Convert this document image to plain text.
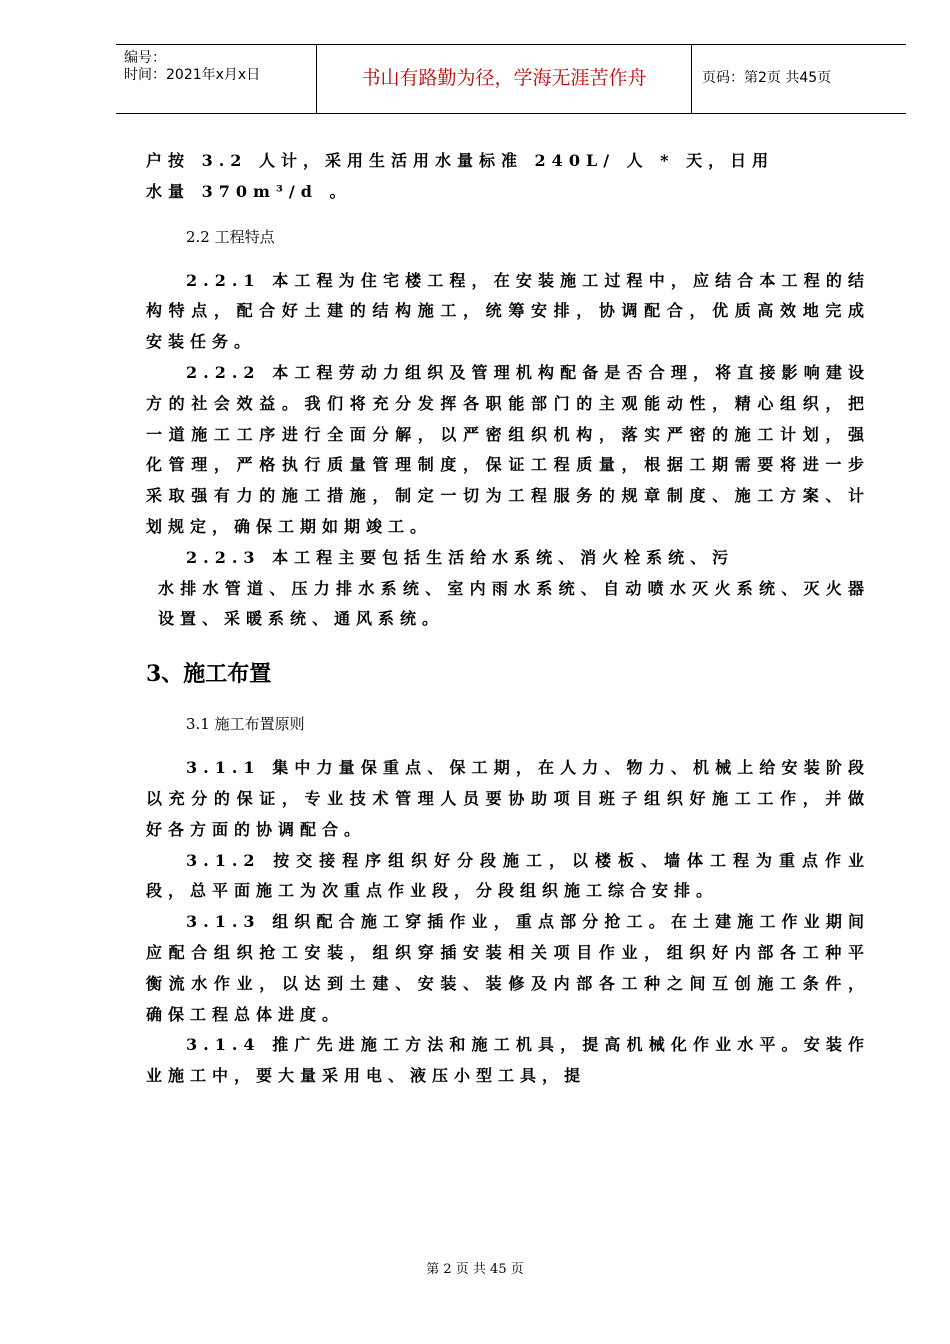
编号：
时间：2021年x月x日	书山有路勤为径，学海无涯苦作舟	页码：第2页 共45页

户按 3.2 人计，采用生活用水量标准 240L/ 人 * 天，日用

水量 370m³/d 。

2.2 工程特点

2.2.1 本工程为住宅楼工程，在安装施工过程中，应结合本工程的结构特点，配合好土建的结构施工，统筹安排，协调配合，优质高效地完成安装任务。

2.2.2 本工程劳动力组织及管理机构配备是否合理，将直接影响建设方的社会效益。我们将充分发挥各职能部门的主观能动性，精心组织，把一道施工工序进行全面分解，以严密组织机构，落实严密的施工计划，强化管理，严格执行质量管理制度，保证工程质量，根据工期需要将进一步采取强有力的施工措施，制定一切为工程服务的规章制度、施工方案、计划规定，确保工期如期竣工。

2.2.3 本工程主要包括生活给水系统、消火栓系统、污

水排水管道、压力排水系统、室内雨水系统、自动喷水灭火系统、灭火器设置、采暖系统、通风系统。

3、施工布置

3.1 施工布置原则

3.1.1 集中力量保重点、保工期，在人力、物力、机械上给安装阶段以充分的保证，专业技术管理人员要协助项目班子组织好施工工作，并做好各方面的协调配合。

3.1.2 按交接程序组织好分段施工，以楼板、墙体工程为重点作业段，总平面施工为次重点作业段，分段组织施工综合安排。

3.1.3 组织配合施工穿插作业，重点部分抢工。在土建施工作业期间应配合组织抢工安装，组织穿插安装相关项目作业，组织好内部各工种平衡流水作业，以达到土建、安装、装修及内部各工种之间互创施工条件，确保工程总体进度。

3.1.4 推广先进施工方法和施工机具，提高机械化作业水平。安装作业施工中，要大量采用电、液压小型工具，提

第 2 页 共 45 页
